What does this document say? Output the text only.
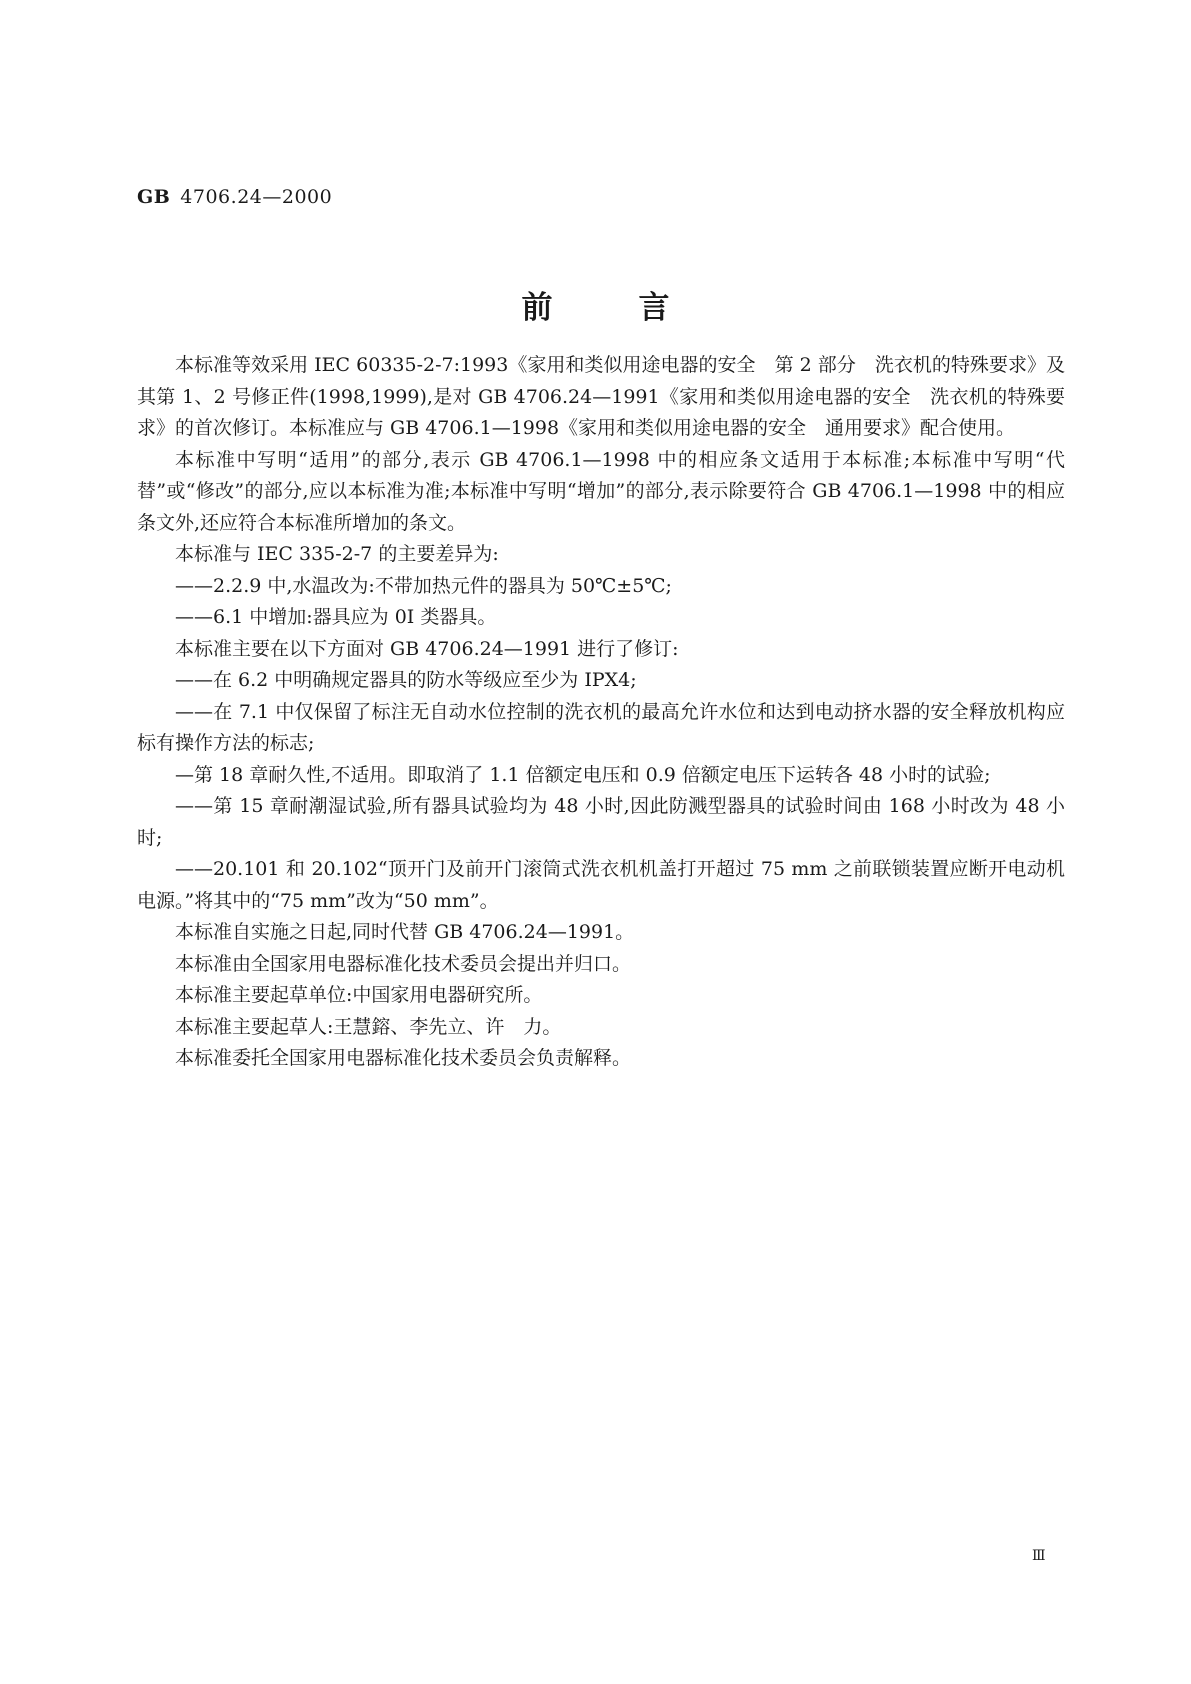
GB 4706.24—2000
前言

本标准等效采用 IEC 60335-2-7:1993《家用和类似用途电器的安全　第 2 部分　洗衣机的特殊要求》及其第 1、2 号修正件(1998,1999),是对 GB 4706.24—1991《家用和类似用途电器的安全　洗衣机的特殊要求》的首次修订。本标准应与 GB 4706.1—1998《家用和类似用途电器的安全　通用要求》配合使用。

本标准中写明“适用”的部分,表示 GB 4706.1—1998 中的相应条文适用于本标准;本标准中写明“代替”或“修改”的部分,应以本标准为准;本标准中写明“增加”的部分,表示除要符合 GB 4706.1—1998 中的相应条文外,还应符合本标准所增加的条文。

本标准与 IEC 335-2-7 的主要差异为:

——2.2.9 中,水温改为:不带加热元件的器具为 50℃±5℃;

——6.1 中增加:器具应为 0I 类器具。

本标准主要在以下方面对 GB 4706.24—1991 进行了修订:

——在 6.2 中明确规定器具的防水等级应至少为 IPX4;

——在 7.1 中仅保留了标注无自动水位控制的洗衣机的最高允许水位和达到电动挤水器的安全释放机构应标有操作方法的标志;

—第 18 章耐久性,不适用。即取消了 1.1 倍额定电压和 0.9 倍额定电压下运转各 48 小时的试验;

——第 15 章耐潮湿试验,所有器具试验均为 48 小时,因此防溅型器具的试验时间由 168 小时改为 48 小时;

——20.101 和 20.102“顶开门及前开门滚筒式洗衣机机盖打开超过 75 mm 之前联锁装置应断开电动机电源。”将其中的“75 mm”改为“50 mm”。

本标准自实施之日起,同时代替 GB 4706.24—1991。

本标准由全国家用电器标准化技术委员会提出并归口。

本标准主要起草单位:中国家用电器研究所。

本标准主要起草人:王慧鎔、李先立、许　力。

本标准委托全国家用电器标准化技术委员会负责解释。

Ⅲ
